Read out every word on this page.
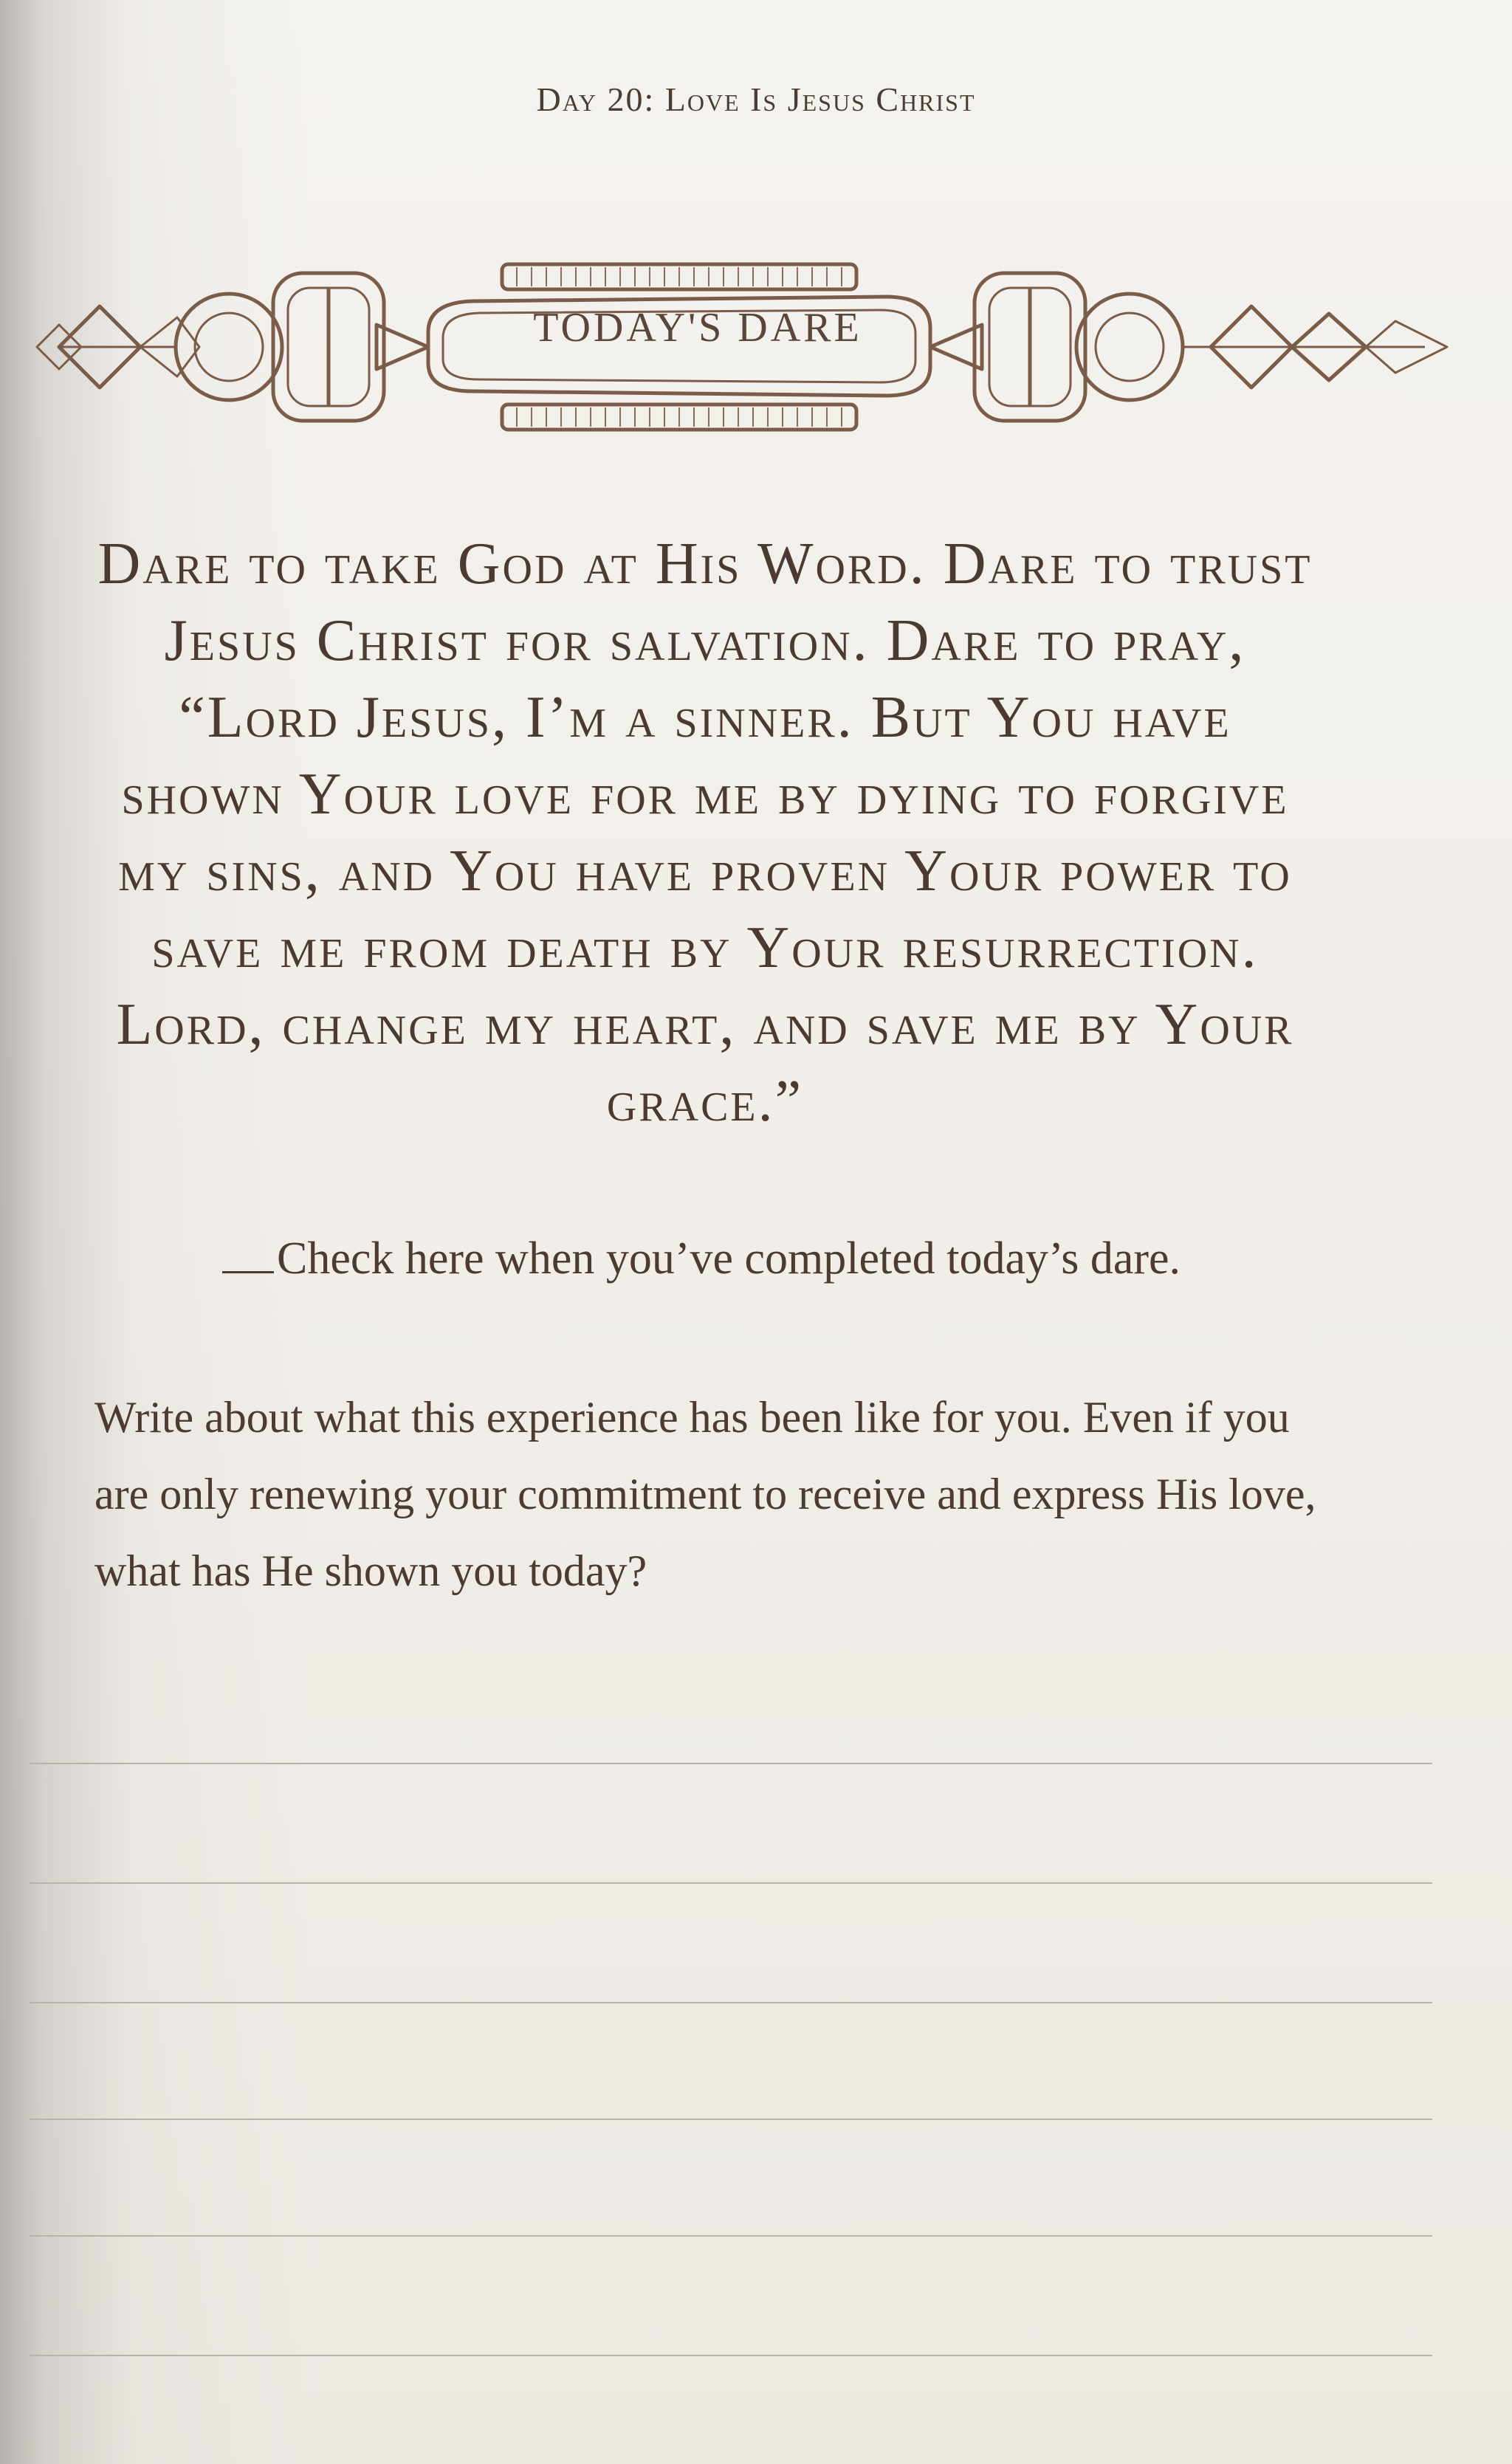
Day 20: Love Is Jesus Christ
TODAY'S DARE

Dare to take God at His Word. Dare to trust Jesus Christ for salvation. Dare to pray, “Lord Jesus, I’m a sinner. But You have shown Your love for me by dying to forgive my sins, and You have proven Your power to save me from death by Your resurrection. Lord, change my heart, and save me by Your grace.”

Check here when you’ve completed today’s dare.

Write about what this experience has been like for you. Even if you are only renewing your commitment to receive and express His love, what has He shown you today?
